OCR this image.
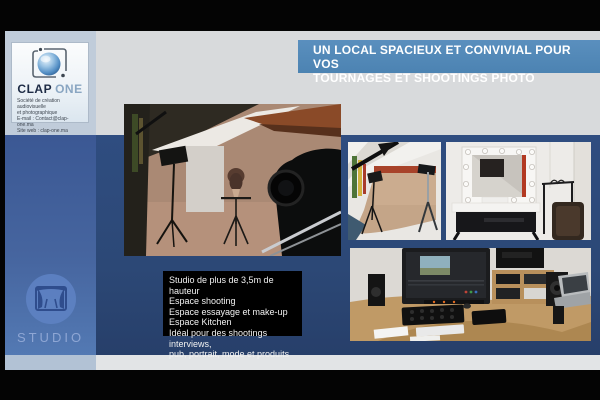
CLAP ONE
Société de création audiovisuelle
et photographique
E-mail : Contact@clap-one.ma
Site web : clap-one.ma
STUDIO
UN LOCAL SPACIEUX ET CONVIVIAL POUR VOS
TOURNAGES ET SHOOTINGS PHOTO
Studio de plus de 3,5m de hauteur
Espace shooting
Espace essayage et make-up
Espace Kitchen
Idéal pour des shootings interviews,
pub, portrait, mode et produits
